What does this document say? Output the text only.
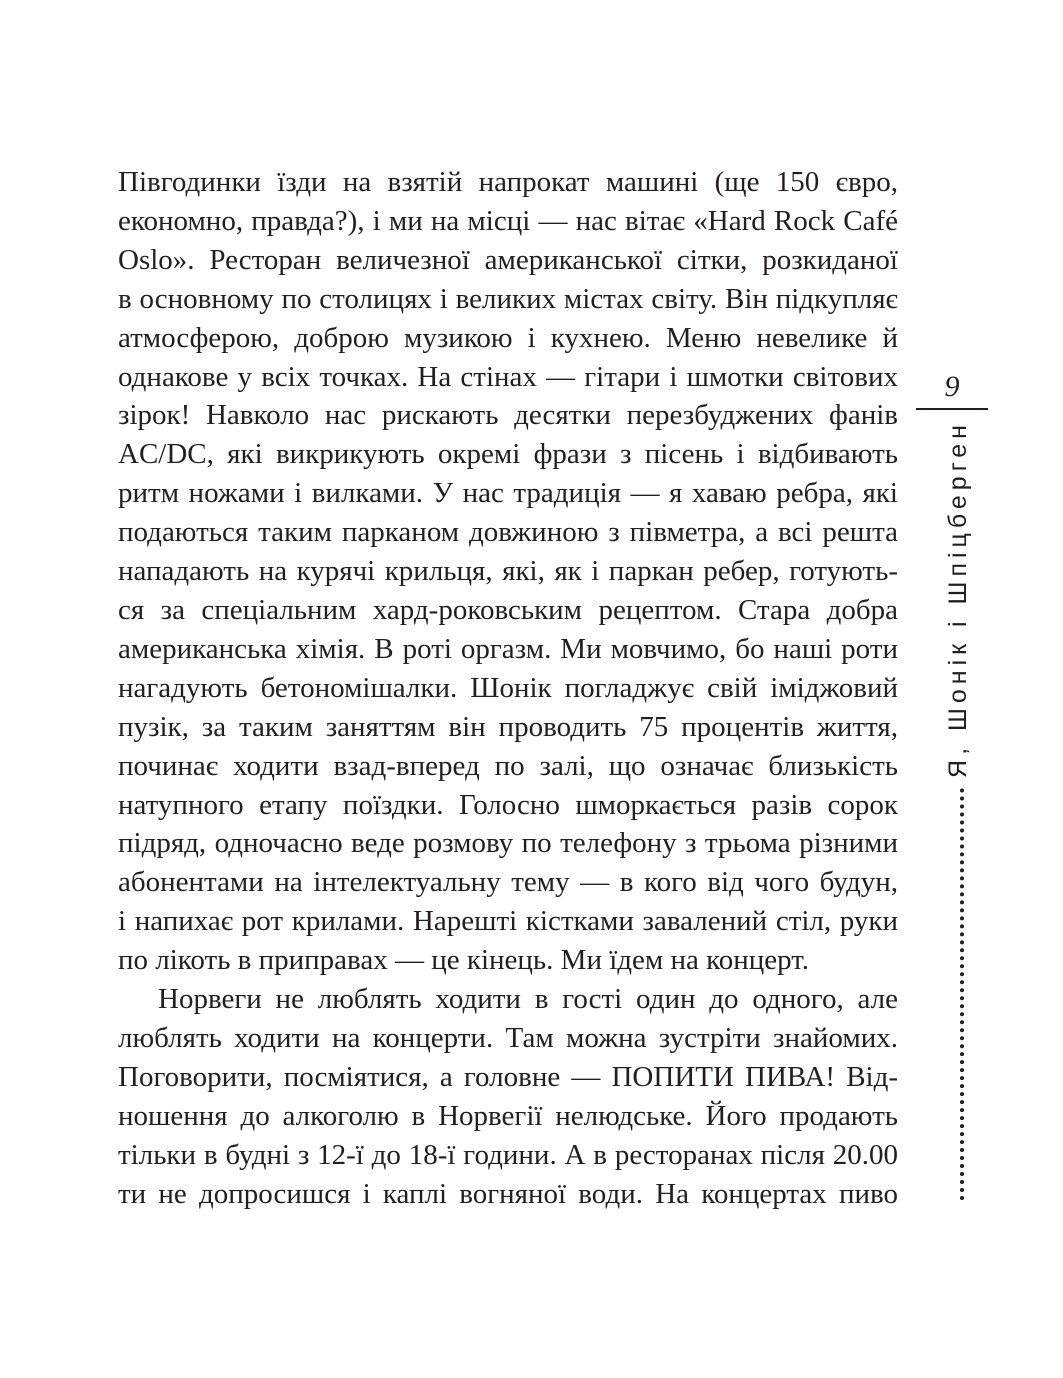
Півгодинки їзди на взятій напрокат машині (ще 150 євро,
економно, правда?), і ми на місці — нас вітає «Hard Rock Café
Oslo». Ресторан величезної американської сітки, розкиданої
в основному по столицях і великих містах світу. Він підкупляє
атмосферою, доброю музикою і кухнею. Меню невелике й
однакове у всіх точках. На стінах — гітари і шмотки світових
зірок! Навколо нас рискають десятки перезбуджених фанів
AC/DC, які викрикують окремі фрази з пісень і відбивають
ритм ножами і вилками. У нас традиція — я хаваю ребра, які
подаються таким парканом довжиною з півметра, а всі решта
нападають на курячі крильця, які, як і паркан ребер, готують-
ся за спеціальним хард-роковським рецептом. Стара добра
американська хімія. В роті оргазм. Ми мовчимо, бо наші роти
нагадують бетономішалки. Шонік погладжує свій іміджовий
пузік, за таким заняттям він проводить 75 процентів життя,
починає ходити взад-вперед по залі, що означає близькість
натупного етапу поїздки. Голосно шморкається разів сорок
підряд, одночасно веде розмову по телефону з трьома різними
абонентами на інтелектуальну тему — в кого від чого будун,
і напихає рот крилами. Нарешті кістками завалений стіл, руки
по лікоть в приправах — це кінець. Ми їдем на концерт.
Норвеги не люблять ходити в гості один до одного, але
люблять ходити на концерти. Там можна зустріти знайомих.
Поговорити, посміятися, а головне — ПОПИТИ ПИВА! Від-
ношення до алкоголю в Норвегії нелюдське. Його продають
тільки в будні з 12-ї до 18-ї години. А в ресторанах після 20.00
ти не допросишся і каплі вогняної води. На концертах пиво
9
Я, Шонік і Шпіцберген
